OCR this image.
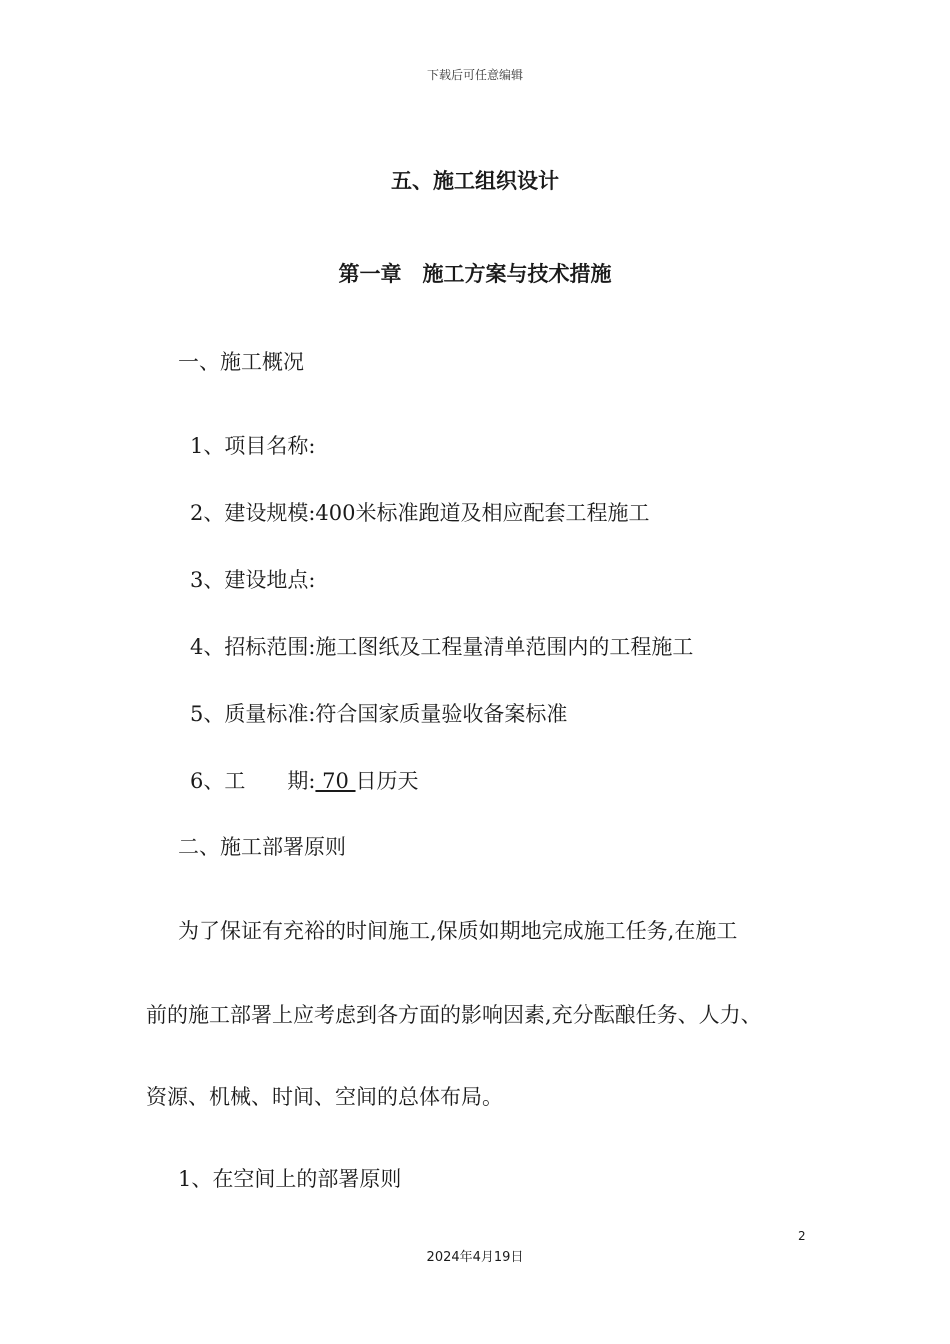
下载后可任意编辑
五、施工组织设计
第一章　施工方案与技术措施
一、施工概况
1、项目名称:
2、建设规模:400米标准跑道及相应配套工程施工
3、建设地点:
4、招标范围:施工图纸及工程量清单范围内的工程施工
5、质量标准:符合国家质量验收备案标准
6、工　　期: 70 日历天
二、施工部署原则
为了保证有充裕的时间施工,保质如期地完成施工任务,在施工
前的施工部署上应考虑到各方面的影响因素,充分酝酿任务、人力、
资源、机械、时间、空间的总体布局。
1、在空间上的部署原则
2
2024年4月19日
